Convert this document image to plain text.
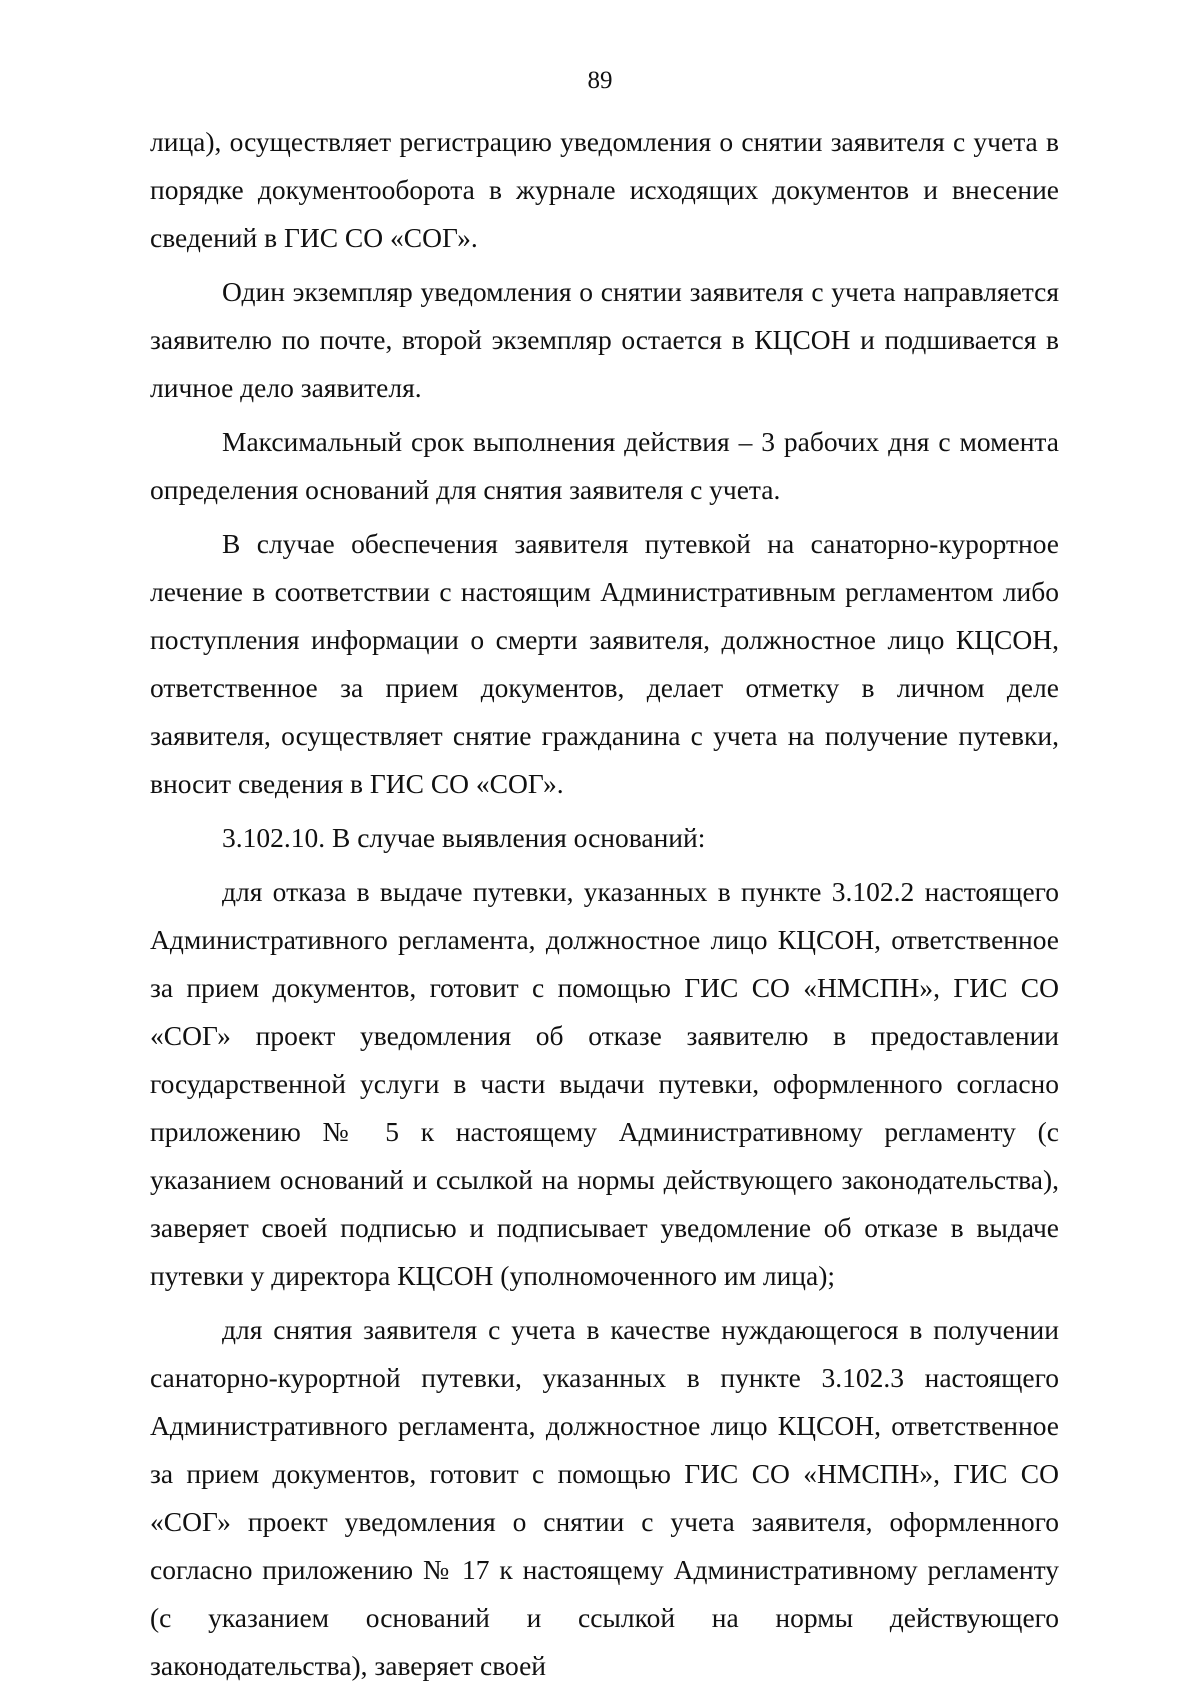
89

лица), осуществляет регистрацию уведомления о снятии заявителя с учета в порядке документооборота в журнале исходящих документов и внесение сведений в ГИС СО «СОГ».

Один экземпляр уведомления о снятии заявителя с учета направляется заявителю по почте, второй экземпляр остается в КЦСОН и подшивается в личное дело заявителя.

Максимальный срок выполнения действия – 3 рабочих дня с момента определения оснований для снятия заявителя с учета.

В случае обеспечения заявителя путевкой на санаторно-курортное лечение в соответствии с настоящим Административным регламентом либо поступления информации о смерти заявителя, должностное лицо КЦСОН, ответственное за прием документов, делает отметку в личном деле заявителя, осуществляет снятие гражданина с учета на получение путевки, вносит сведения в ГИС СО «СОГ».

3.102.10. В случае выявления оснований:

для отказа в выдаче путевки, указанных в пункте 3.102.2 настоящего Административного регламента, должностное лицо КЦСОН, ответственное за прием документов, готовит с помощью ГИС СО «НМСПН», ГИС СО «СОГ» проект уведомления об отказе заявителю в предоставлении государственной услуги в части выдачи путевки, оформленного согласно приложению № 5 к настоящему Административному регламенту (с указанием оснований и ссылкой на нормы действующего законодательства), заверяет своей подписью и подписывает уведомление об отказе в выдаче путевки у директора КЦСОН (уполномоченного им лица);

для снятия заявителя с учета в качестве нуждающегося в получении санаторно-курортной путевки, указанных в пункте 3.102.3 настоящего Административного регламента, должностное лицо КЦСОН, ответственное за прием документов, готовит с помощью ГИС СО «НМСПН», ГИС СО «СОГ» проект уведомления о снятии с учета заявителя, оформленного согласно приложению № 17 к настоящему Административному регламенту (с указанием оснований и ссылкой на нормы действующего законодательства), заверяет своей
